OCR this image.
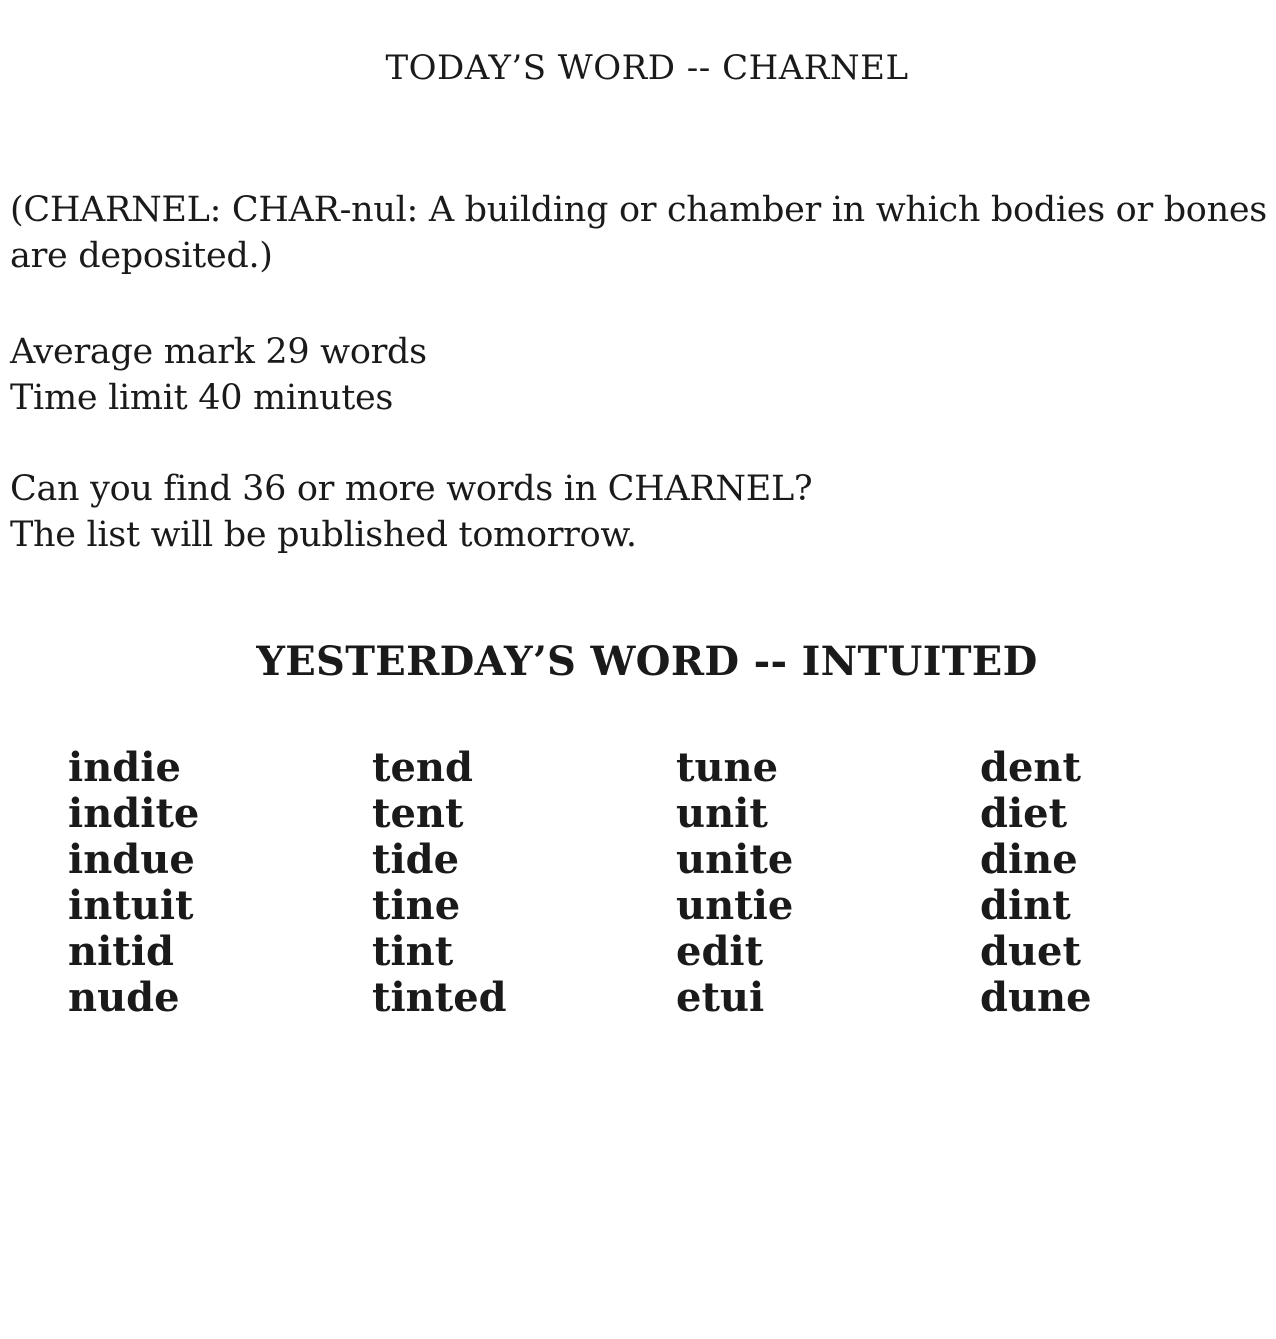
TODAY’S WORD -- CHARNEL
(CHARNEL: CHAR-nul: A building or chamber in which bodies or bones
are deposited.)
Average mark 29 words
Time limit 40 minutes
Can you find 36 or more words in CHARNEL?
The list will be published tomorrow.
YESTERDAY’S WORD -- INTUITED
indie
indite
indue
intuit
nitid
nude
tend
tent
tide
tine
tint
tinted
tune
unit
unite
untie
edit
etui
dent
diet
dine
dint
duet
dune
